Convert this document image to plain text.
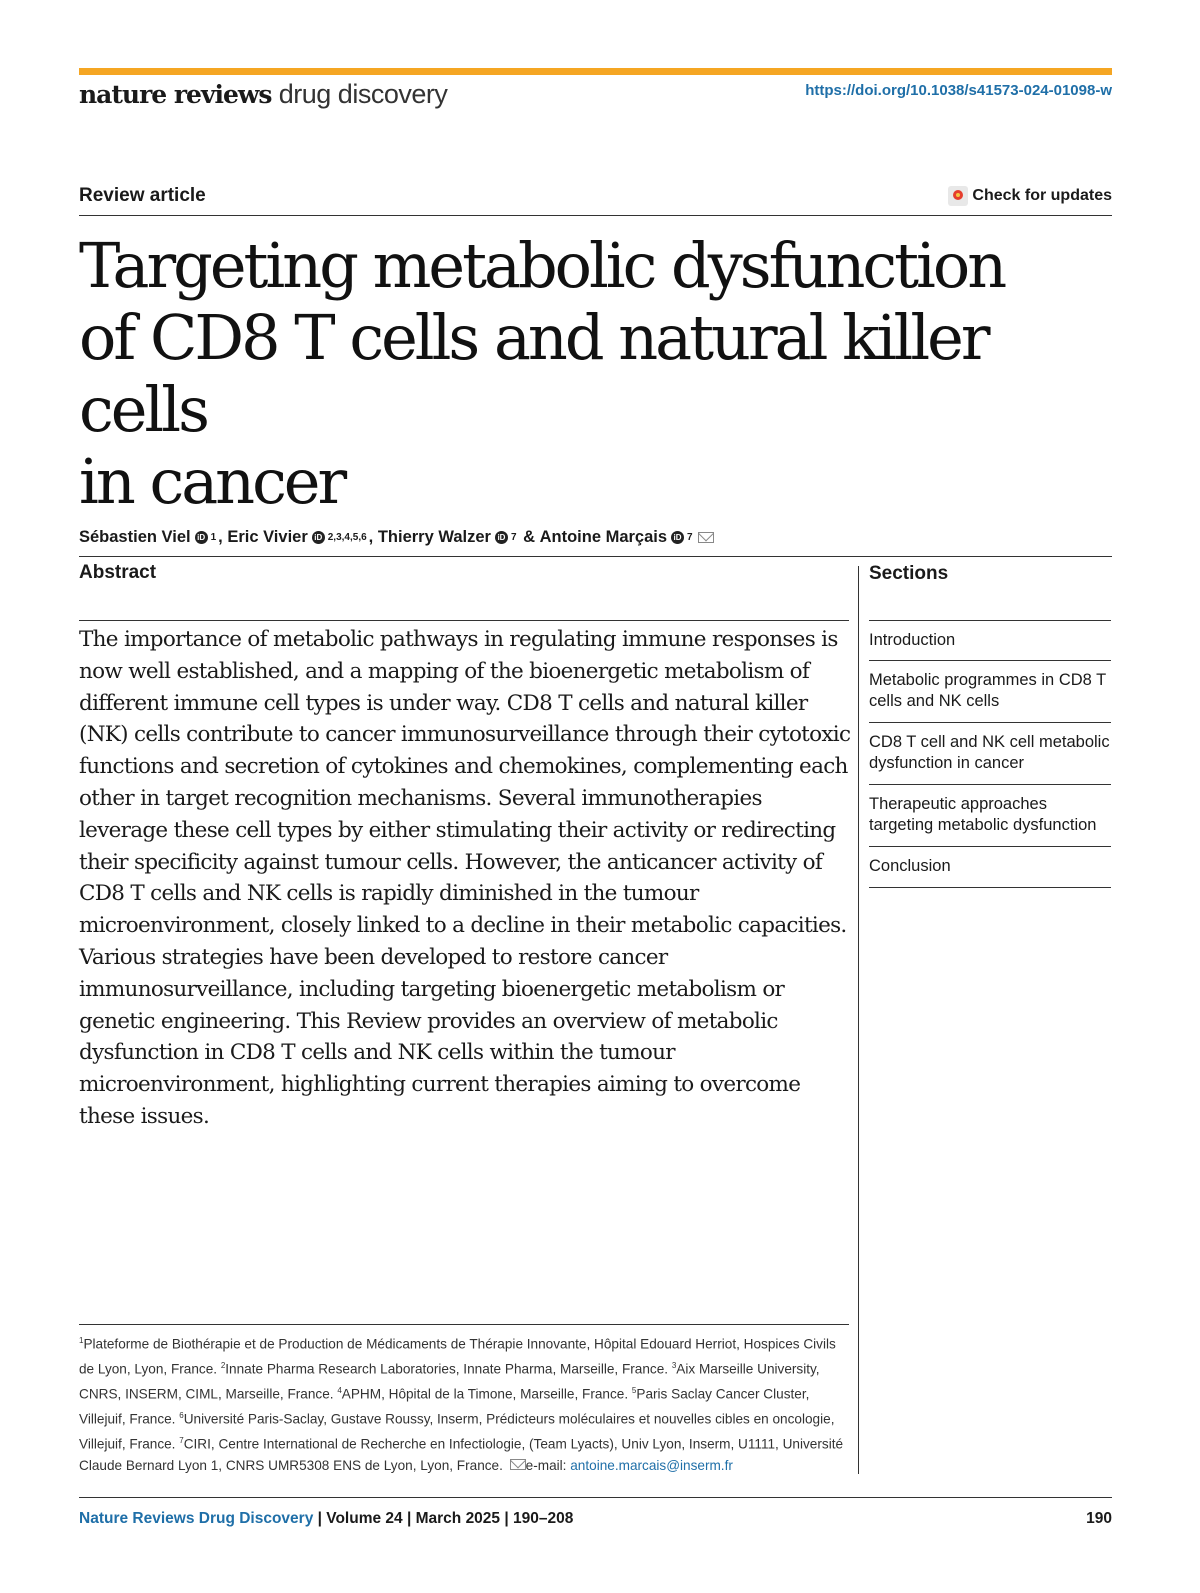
nature reviews drug discovery	https://doi.org/10.1038/s41573-024-01098-w
Review article	Check for updates
Targeting metabolic dysfunction
of CD8 T cells and natural killer cells
in cancer
Sébastien Viel iD 1 , Eric Vivier iD 2,3,4,5,6 , Thierry Walzer iD 7 & Antoine Marçais iD 7
Abstract

The importance of metabolic pathways in regulating immune responses is now well established, and a mapping of the bioenergetic metabolism of different immune cell types is under way. CD8 T cells and natural killer (NK) cells contribute to cancer immunosurveillance through their cytotoxic functions and secretion of cytokines and chemokines, complementing each other in target recognition mechanisms. Several immunotherapies leverage these cell types by either stimulating their activity or redirecting their specificity against tumour cells. However, the anticancer activity of CD8 T cells and NK cells is rapidly diminished in the tumour microenvironment, closely linked to a decline in their metabolic capacities. Various strategies have been developed to restore cancer immunosurveillance, including targeting bioenergetic metabolism or genetic engineering. This Review provides an overview of metabolic dysfunction in CD8 T cells and NK cells within the tumour microenvironment, highlighting current therapies aiming to overcome these issues.

Sections
Introduction
Metabolic programmes in CD8 T cells and NK cells
CD8 T cell and NK cell metabolic dysfunction in cancer
Therapeutic approaches targeting metabolic dysfunction
Conclusion
$^1$Plateforme de Biothérapie et de Production de Médicaments de Thérapie Innovante, Hôpital Edouard Herriot, Hospices Civils de Lyon, Lyon, France. $^2$Innate Pharma Research Laboratories, Innate Pharma, Marseille, France. $^3$Aix Marseille University, CNRS, INSERM, CIML, Marseille, France. $^4$APHM, Hôpital de la Timone, Marseille, France. $^5$Paris Saclay Cancer Cluster, Villejuif, France. $^6$Université Paris-Saclay, Gustave Roussy, Inserm, Prédicteurs moléculaires et nouvelles cibles en oncologie, Villejuif, France. $^7$CIRI, Centre International de Recherche en Infectiologie, (Team Lyacts), Univ Lyon, Inserm, U1111, Université Claude Bernard Lyon 1, CNRS UMR5308 ENS de Lyon, Lyon, France. e-mail: antoine.marcais@inserm.fr
Nature Reviews Drug Discovery | Volume 24 | March 2025 | 190–208	190
